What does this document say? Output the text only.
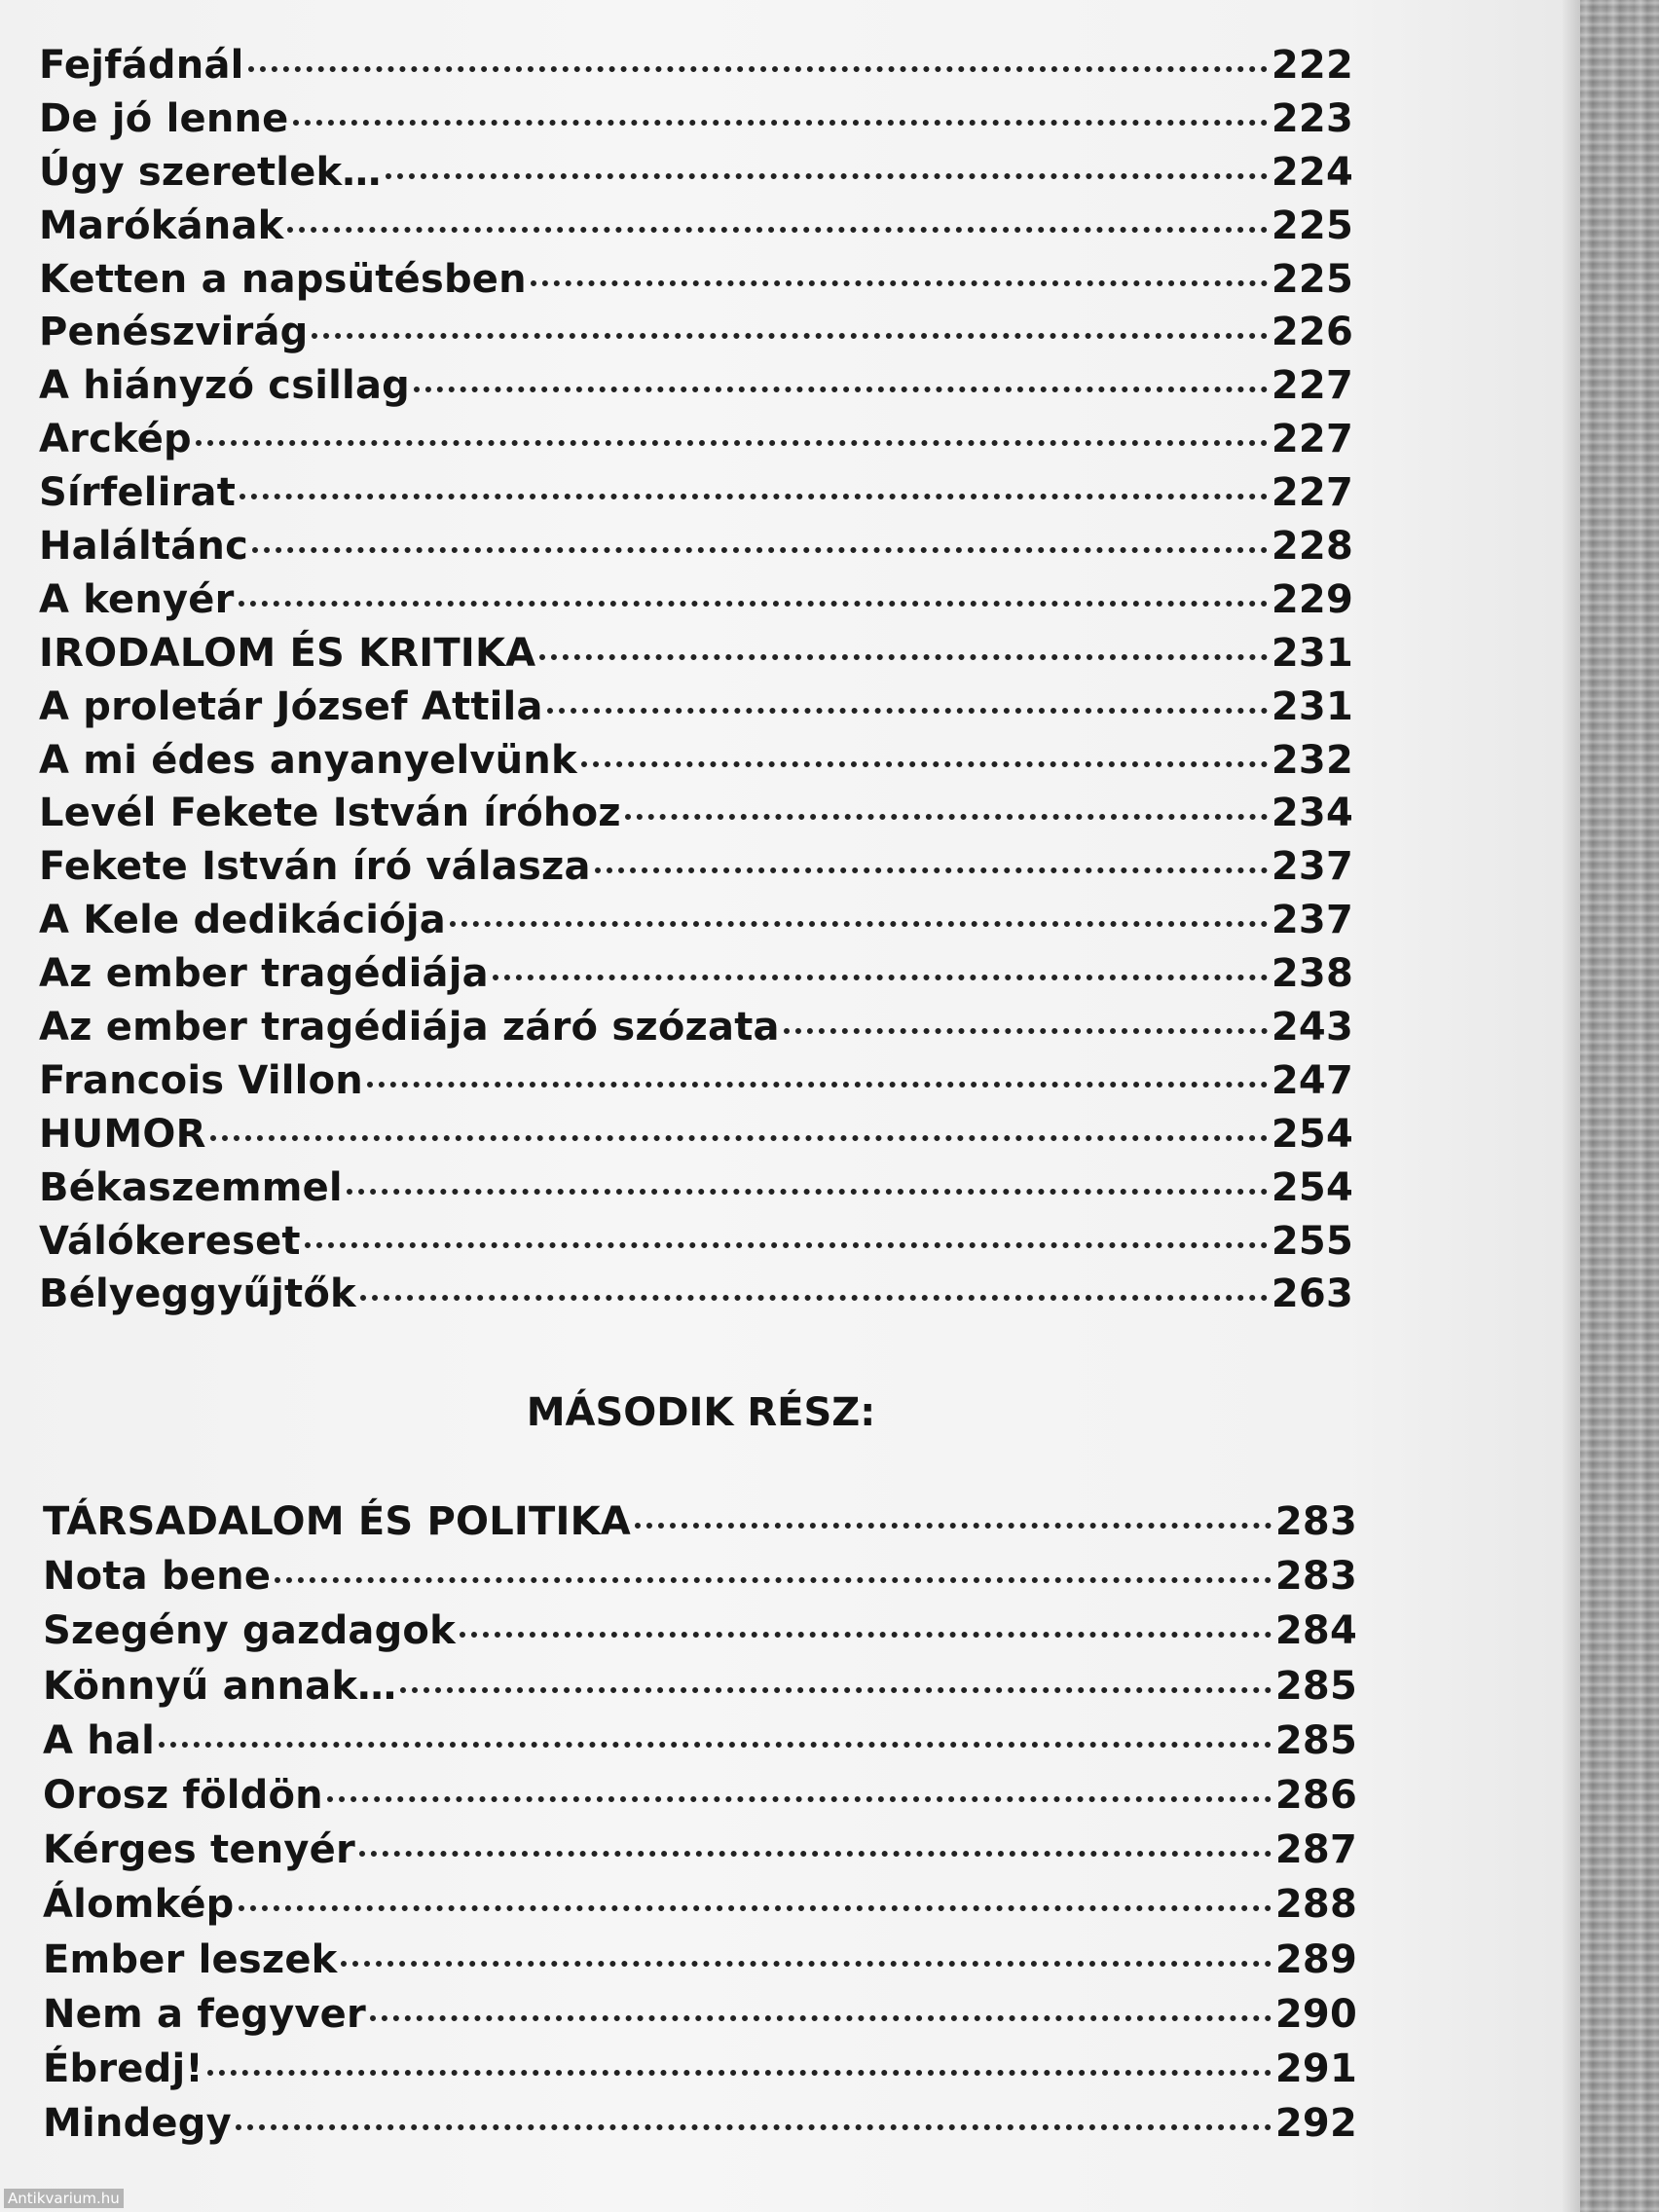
Fejfádnál	222
De jó lenne	223
Úgy szeretlek…	224
Marókának	225
Ketten a napsütésben	225
Penészvirág	226
A hiányzó csillag	227
Arckép	227
Sírfelirat	227
Haláltánc	228
A kenyér	229
IRODALOM ÉS KRITIKA	231
A proletár József Attila	231
A mi édes anyanyelvünk	232
Levél Fekete István íróhoz	234
Fekete István író válasza	237
A Kele dedikációja	237
Az ember tragédiája	238
Az ember tragédiája záró szózata	243
Francois Villon	247
HUMOR	254
Békaszemmel	254
Válókereset	255
Bélyeggyűjtők	263
MÁSODIK RÉSZ:
TÁRSADALOM ÉS POLITIKA	283
Nota bene	283
Szegény gazdagok	284
Könnyű annak…	285
A hal	285
Orosz földön	286
Kérges tenyér	287
Álomkép	288
Ember leszek	289
Nem a fegyver	290
Ébredj!	291
Mindegy	292
Antikvarium.hu
